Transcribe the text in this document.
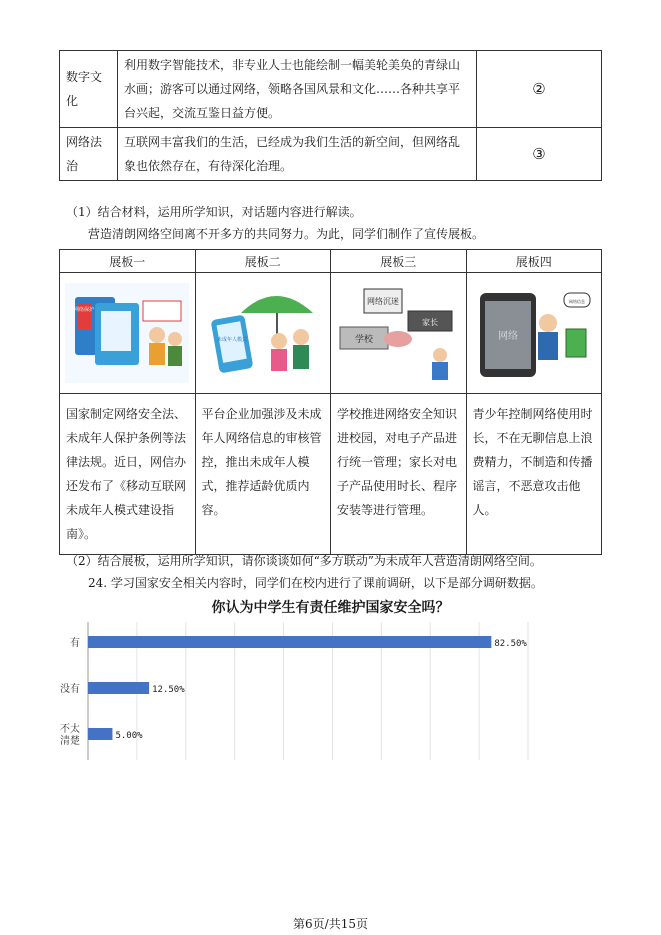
数字文化	利用数字智能技术，非专业人士也能绘制一幅美轮美奂的青绿山水画；游客可以通过网络，领略各国风景和文化……各种共享平台兴起，交流互鉴日益方便。	②
网络法治	互联网丰富我们的生活，已经成为我们生活的新空间，但网络乱象也依然存在，有待深化治理。	③
（1）结合材料，运用所学知识，对话题内容进行解读。
营造清朗网络空间离不开多方的共同努力。为此，同学们制作了宣传展板。
展板一	展板二	展板三	展板四

网络保护	未成年人模式	网络沉迷
学校
家长	网络
网络信息

国家制定网络安全法、未成年人保护条例等法律法规。近日，网信办还发布了《移动互联网未成年人模式建设指南》。	平台企业加强涉及未成年人网络信息的审核管控，推出未成年人模式，推荐适龄优质内容。	学校推进网络安全知识进校园，对电子产品进行统一管理；家长对电子产品使用时长、程序安装等进行管理。	青少年控制网络使用时长，不在无聊信息上浪费精力，不制造和传播谣言，不恶意攻击他人。
（2）结合展板，运用所学知识，请你谈谈如何“多方联动”为未成年人营造清朗网络空间。
24. 学习国家安全相关内容时，同学们在校内进行了课前调研，以下是部分调研数据。
你认为中学生有责任维护国家安全吗？
有	82.50%
没有	12.50%
不太清楚	5.00%
第6页/共15页
